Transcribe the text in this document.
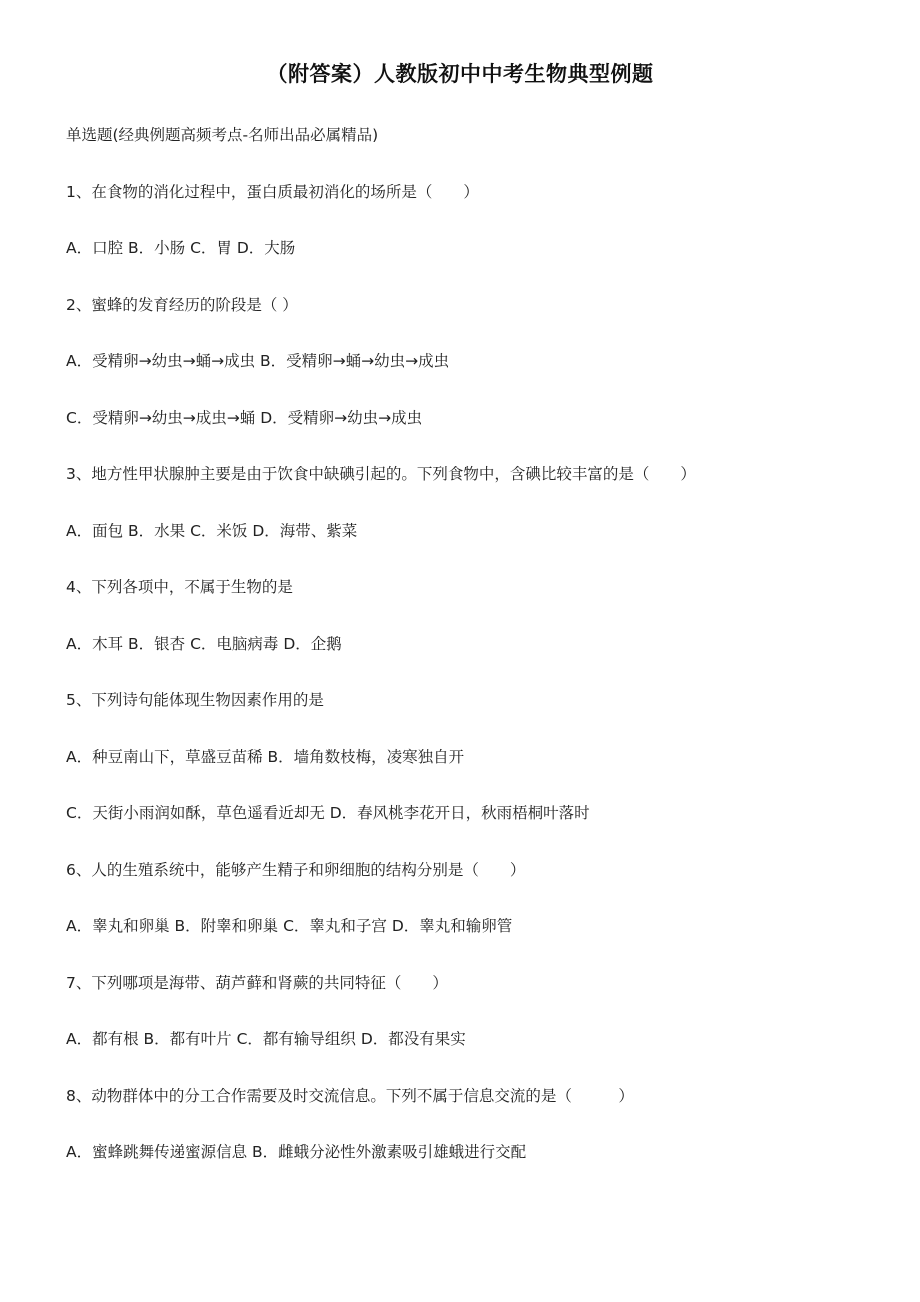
（附答案）人教版初中中考生物典型例题
单选题(经典例题高频考点-名师出品必属精品)
1、在食物的消化过程中，蛋白质最初消化的场所是（　　）
A．口腔 B．小肠 C．胃 D．大肠
2、蜜蜂的发育经历的阶段是（ ）
A．受精卵→幼虫→蛹→成虫 B．受精卵→蛹→幼虫→成虫
C．受精卵→幼虫→成虫→蛹 D．受精卵→幼虫→成虫
3、地方性甲状腺肿主要是由于饮食中缺碘引起的。下列食物中，含碘比较丰富的是（　　）
A．面包 B．水果 C．米饭 D．海带、紫菜
4、下列各项中，不属于生物的是
A．木耳 B．银杏 C．电脑病毒 D．企鹅
5、下列诗句能体现生物因素作用的是
A．种豆南山下，草盛豆苗稀 B．墙角数枝梅，凌寒独自开
C．天街小雨润如酥，草色遥看近却无 D．春风桃李花开日，秋雨梧桐叶落时
6、人的生殖系统中，能够产生精子和卵细胞的结构分别是（　　）
A．睾丸和卵巢 B．附睾和卵巢 C．睾丸和子宫 D．睾丸和输卵管
7、下列哪项是海带、葫芦藓和肾蕨的共同特征（　　）
A．都有根 B．都有叶片 C．都有输导组织 D．都没有果实
8、动物群体中的分工合作需要及时交流信息。下列不属于信息交流的是（　　　）
A．蜜蜂跳舞传递蜜源信息 B．雌蛾分泌性外激素吸引雄蛾进行交配
